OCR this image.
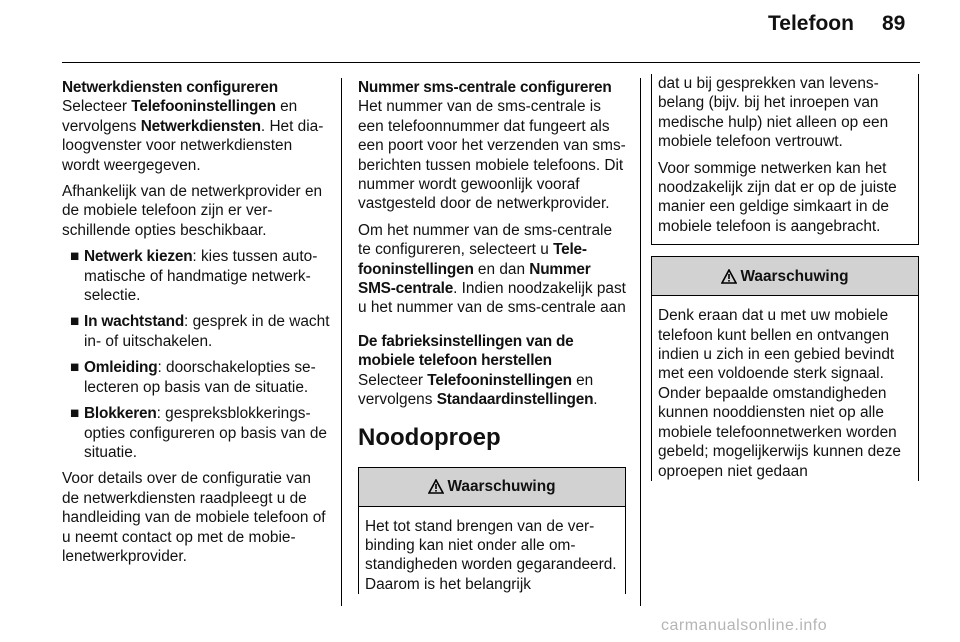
Telefoon 89
Netwerkdiensten configureren

Selecteer Telefooninstellingen en vervolgens Netwerkdiensten. Het dialoogvenster voor netwerkdiensten wordt weergegeven.

Afhankelijk van de netwerkprovider en de mobiele telefoon zijn er verschillende opties beschikbaar.

■ Netwerk kiezen: kies tussen automatische of handmatige netwerkselectie.
■ In wachtstand: gesprek in de wacht in- of uitschakelen.
■ Omleiding: doorschakelopties selecteren op basis van de situatie.
■ Blokkeren: gespreksblokkeringsopties configureren op basis van de situatie.

Voor details over de configuratie van de netwerkdiensten raadpleegt u de handleiding van de mobiele telefoon of u neemt contact op met de mobielenetwerkprovider.

Nummer sms-centrale configureren

Het nummer van de sms-centrale is een telefoonnummer dat fungeert als een poort voor het verzenden van sms-berichten tussen mobiele telefoons. Dit nummer wordt gewoonlijk vooraf vastgesteld door de netwerkprovider.

Om het nummer van de sms-centrale te configureren, selecteert u Telefooninstellingen en dan Nummer SMS-centrale. Indien noodzakelijk past u het nummer van de sms-centrale aan

De fabrieksinstellingen van de mobiele telefoon herstellen

Selecteer Telefooninstellingen en vervolgens Standaardinstellingen.

Noodoproep
Waarschuwing
Het tot stand brengen van de verbinding kan niet onder alle omstandigheden worden gegarandeerd. Daarom is het belangrijk

dat u bij gesprekken van levensbelang (bijv. bij het inroepen van medische hulp) niet alleen op een mobiele telefoon vertrouwt.

Voor sommige netwerken kan het noodzakelijk zijn dat er op de juiste manier een geldige simkaart in de mobiele telefoon is aangebracht.

Waarschuwing
Denk eraan dat u met uw mobiele telefoon kunt bellen en ontvangen indien u zich in een gebied bevindt met een voldoende sterk signaal. Onder bepaalde omstandigheden kunnen nooddiensten niet op alle mobiele telefoonnetwerken worden gebeld; mogelijkerwijs kunnen deze oproepen niet gedaan
carmanualsonline.info
